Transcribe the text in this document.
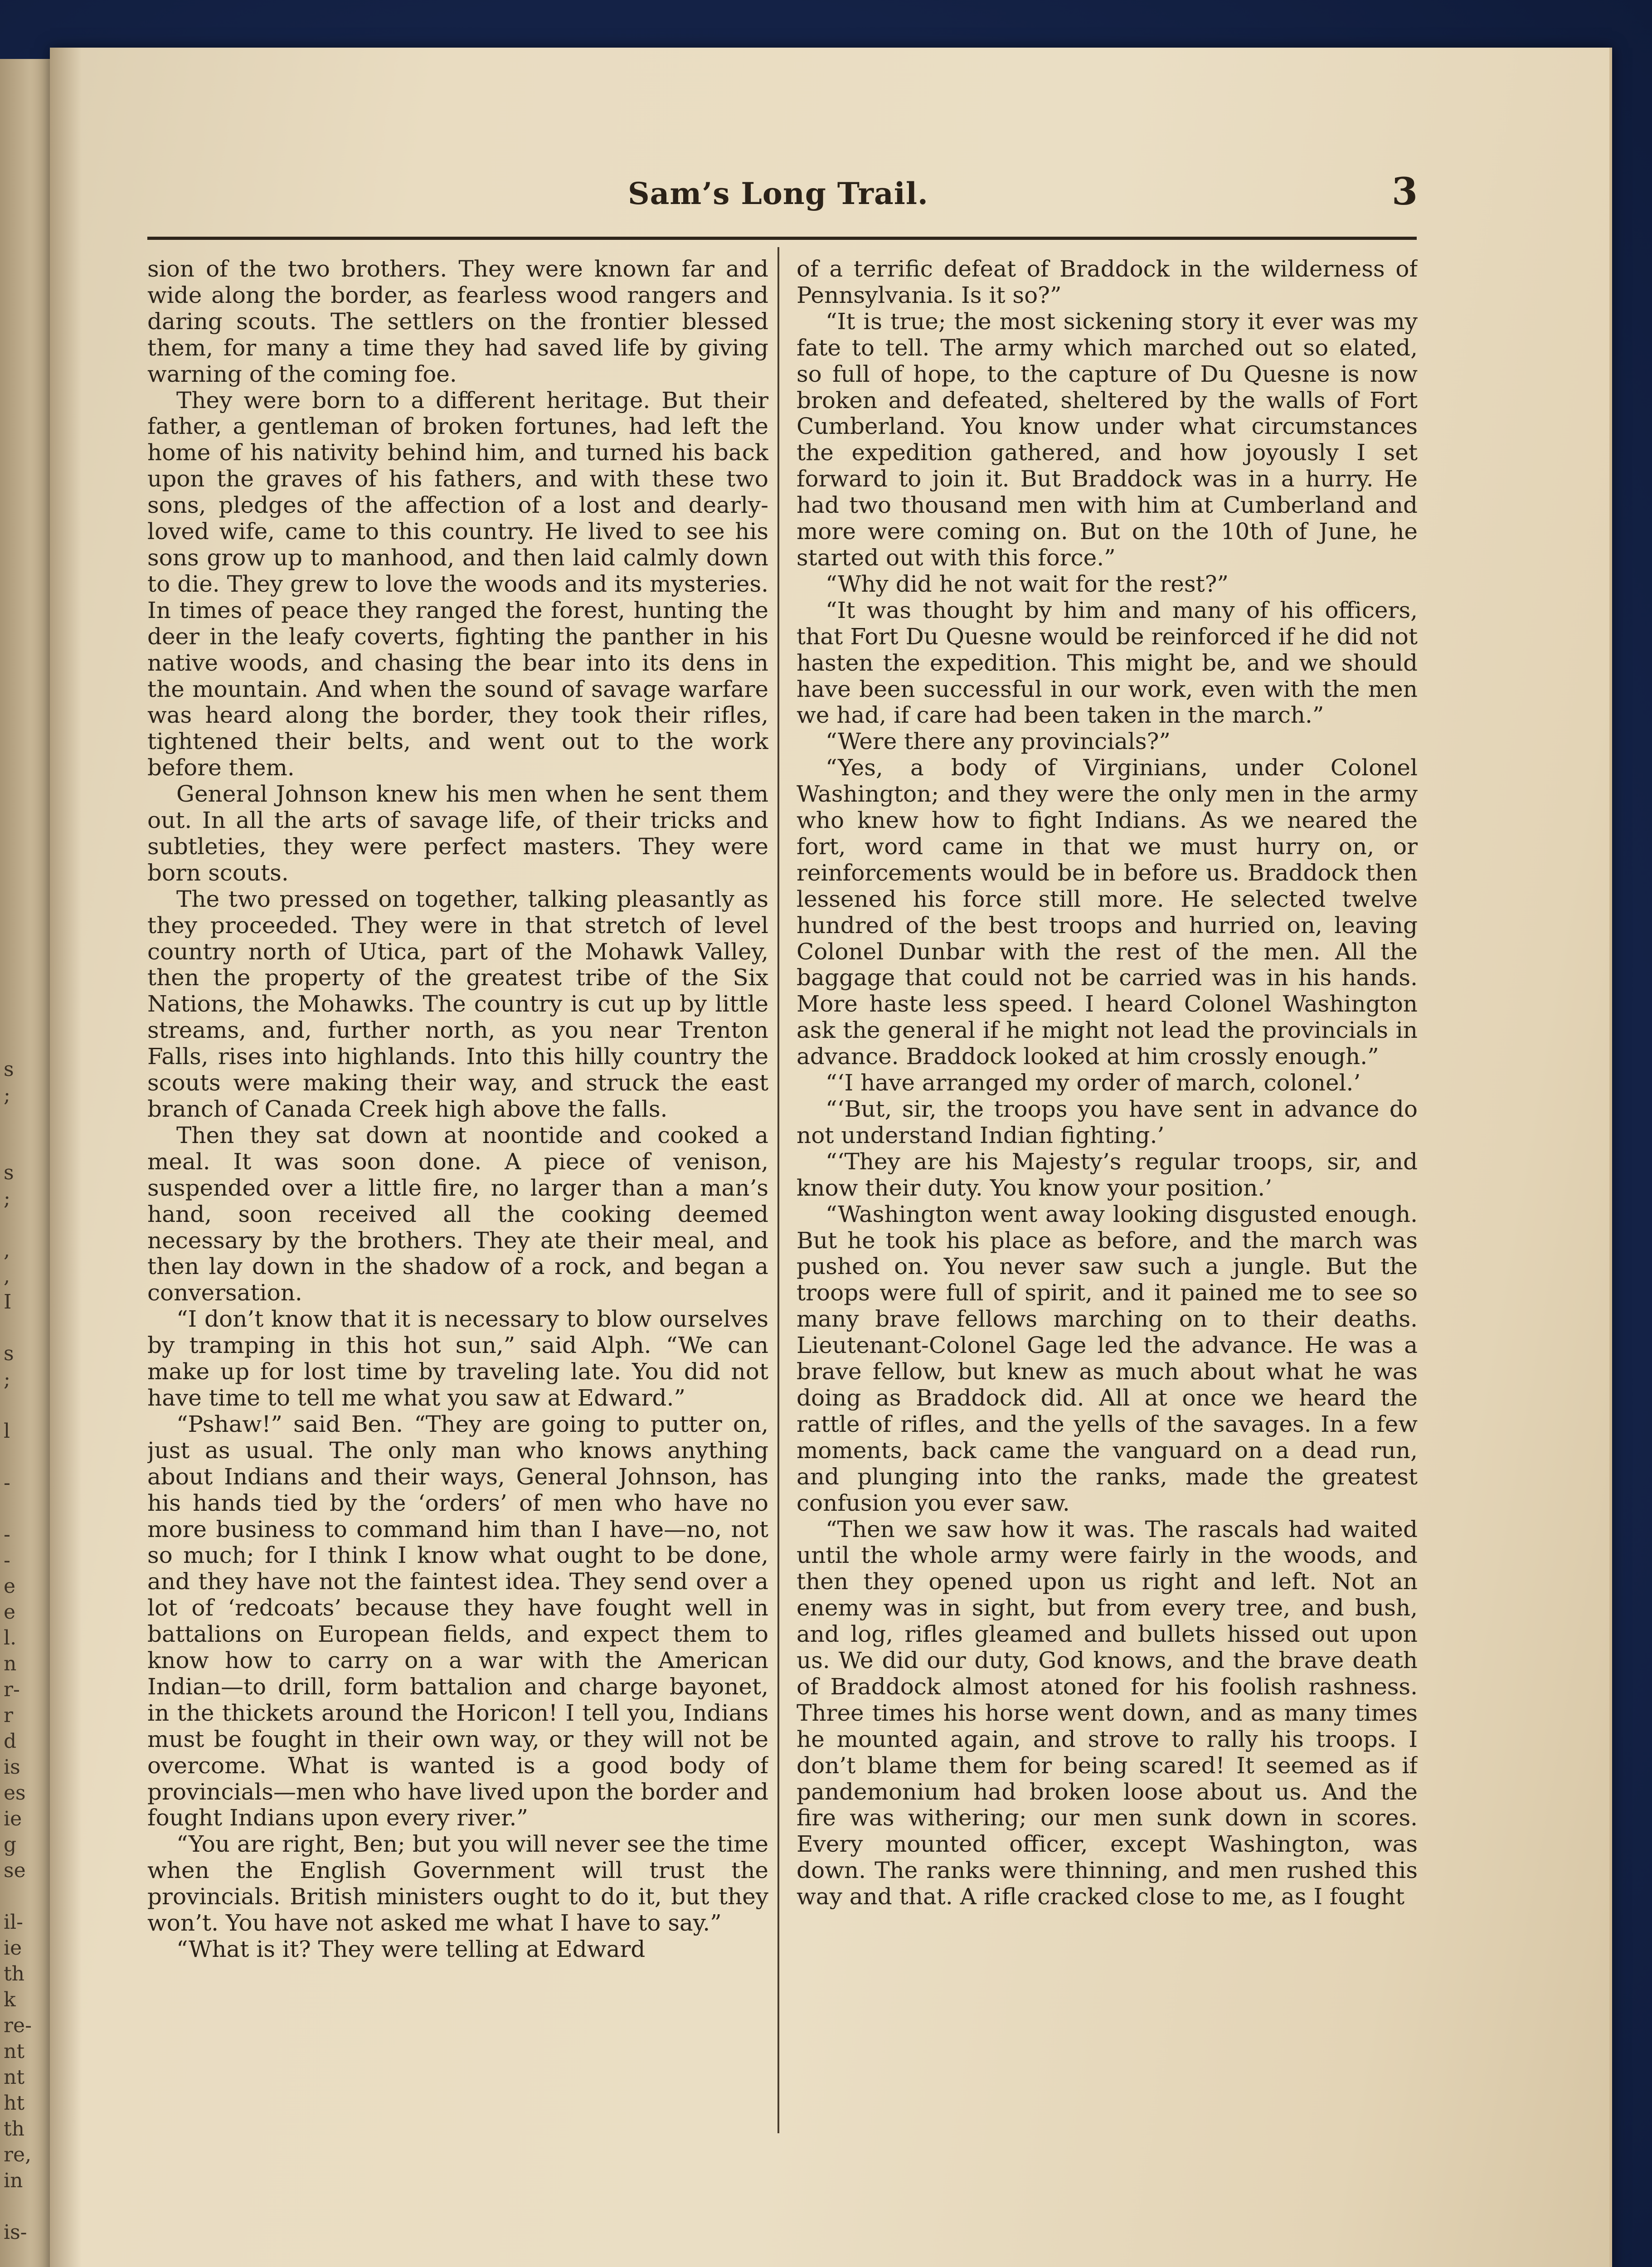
s
;

s
;

,
,
I

s
;

l

-

-
-
e
e
l.
n
r-
r
d
is
es
ie
g
se

il-
ie
th
k
re-
nt
nt
ht
th
re,
in

is-
Sam’s Long Trail.	3

sion of the two brothers. They were known far and wide along the border, as fearless wood rangers and daring scouts. The settlers on the frontier blessed them, for many a time they had saved life by giving warning of the coming foe.

They were born to a different heritage. But their father, a gentleman of broken fortunes, had left the home of his nativity behind him, and turned his back upon the graves of his fathers, and with these two sons, pledges of the affection of a lost and dearly-loved wife, came to this country. He lived to see his sons grow up to manhood, and then laid calmly down to die. They grew to love the woods and its mysteries. In times of peace they ranged the forest, hunting the deer in the leafy coverts, fighting the panther in his native woods, and chasing the bear into its dens in the mountain. And when the sound of savage warfare was heard along the border, they took their rifles, tightened their belts, and went out to the work before them.

General Johnson knew his men when he sent them out. In all the arts of savage life, of their tricks and subtleties, they were perfect masters. They were born scouts.

The two pressed on together, talking pleasantly as they proceeded. They were in that stretch of level country north of Utica, part of the Mohawk Valley, then the property of the greatest tribe of the Six Nations, the Mohawks. The country is cut up by little streams, and, further north, as you near Trenton Falls, rises into highlands. Into this hilly country the scouts were making their way, and struck the east branch of Canada Creek high above the falls.

Then they sat down at noontide and cooked a meal. It was soon done. A piece of venison, suspended over a little fire, no larger than a man’s hand, soon received all the cooking deemed necessary by the brothers. They ate their meal, and then lay down in the shadow of a rock, and began a conversation.

“I don’t know that it is necessary to blow ourselves by tramping in this hot sun,” said Alph. “We can make up for lost time by traveling late. You did not have time to tell me what you saw at Edward.”

“Pshaw!” said Ben. “They are going to putter on, just as usual. The only man who knows anything about Indians and their ways, General Johnson, has his hands tied by the ‘orders’ of men who have no more business to command him than I have—no, not so much; for I think I know what ought to be done, and they have not the faintest idea. They send over a lot of ‘redcoats’ because they have fought well in battalions on European fields, and expect them to know how to carry on a war with the American Indian—to drill, form battalion and charge bayonet, in the thickets around the Horicon! I tell you, Indians must be fought in their own way, or they will not be overcome. What is wanted is a good body of provincials—men who have lived upon the border and fought Indians upon every river.”

“You are right, Ben; but you will never see the time when the English Government will trust the provincials. British ministers ought to do it, but they won’t. You have not asked me what I have to say.”

“What is it? They were telling at Edward

of a terrific defeat of Braddock in the wilderness of Pennsylvania. Is it so?”

“It is true; the most sickening story it ever was my fate to tell. The army which marched out so elated, so full of hope, to the capture of Du Quesne is now broken and defeated, sheltered by the walls of Fort Cumberland. You know under what circumstances the expedition gathered, and how joyously I set forward to join it. But Braddock was in a hurry. He had two thousand men with him at Cumberland and more were coming on. But on the 10th of June, he started out with this force.”

“Why did he not wait for the rest?”

“It was thought by him and many of his officers, that Fort Du Quesne would be reinforced if he did not hasten the expedition. This might be, and we should have been successful in our work, even with the men we had, if care had been taken in the march.”

“Were there any provincials?”

“Yes, a body of Virginians, under Colonel Washington; and they were the only men in the army who knew how to fight Indians. As we neared the fort, word came in that we must hurry on, or reinforcements would be in before us. Braddock then lessened his force still more. He selected twelve hundred of the best troops and hurried on, leaving Colonel Dunbar with the rest of the men. All the baggage that could not be carried was in his hands. More haste less speed. I heard Colonel Washington ask the general if he might not lead the provincials in advance. Braddock looked at him crossly enough.”

“‘I have arranged my order of march, colonel.’

“‘But, sir, the troops you have sent in advance do not understand Indian fighting.’

“‘They are his Majesty’s regular troops, sir, and know their duty. You know your position.’

“Washington went away looking disgusted enough. But he took his place as before, and the march was pushed on. You never saw such a jungle. But the troops were full of spirit, and it pained me to see so many brave fellows marching on to their deaths. Lieutenant-Colonel Gage led the advance. He was a brave fellow, but knew as much about what he was doing as Braddock did. All at once we heard the rattle of rifles, and the yells of the savages. In a few moments, back came the vanguard on a dead run, and plunging into the ranks, made the greatest confusion you ever saw.

“Then we saw how it was. The rascals had waited until the whole army were fairly in the woods, and then they opened upon us right and left. Not an enemy was in sight, but from every tree, and bush, and log, rifles gleamed and bullets hissed out upon us. We did our duty, God knows, and the brave death of Braddock almost atoned for his foolish rashness. Three times his horse went down, and as many times he mounted again, and strove to rally his troops. I don’t blame them for being scared! It seemed as if pandemonium had broken loose about us. And the fire was withering; our men sunk down in scores. Every mounted officer, except Washington, was down. The ranks were thinning, and men rushed this way and that. A rifle cracked close to me, as I fought
